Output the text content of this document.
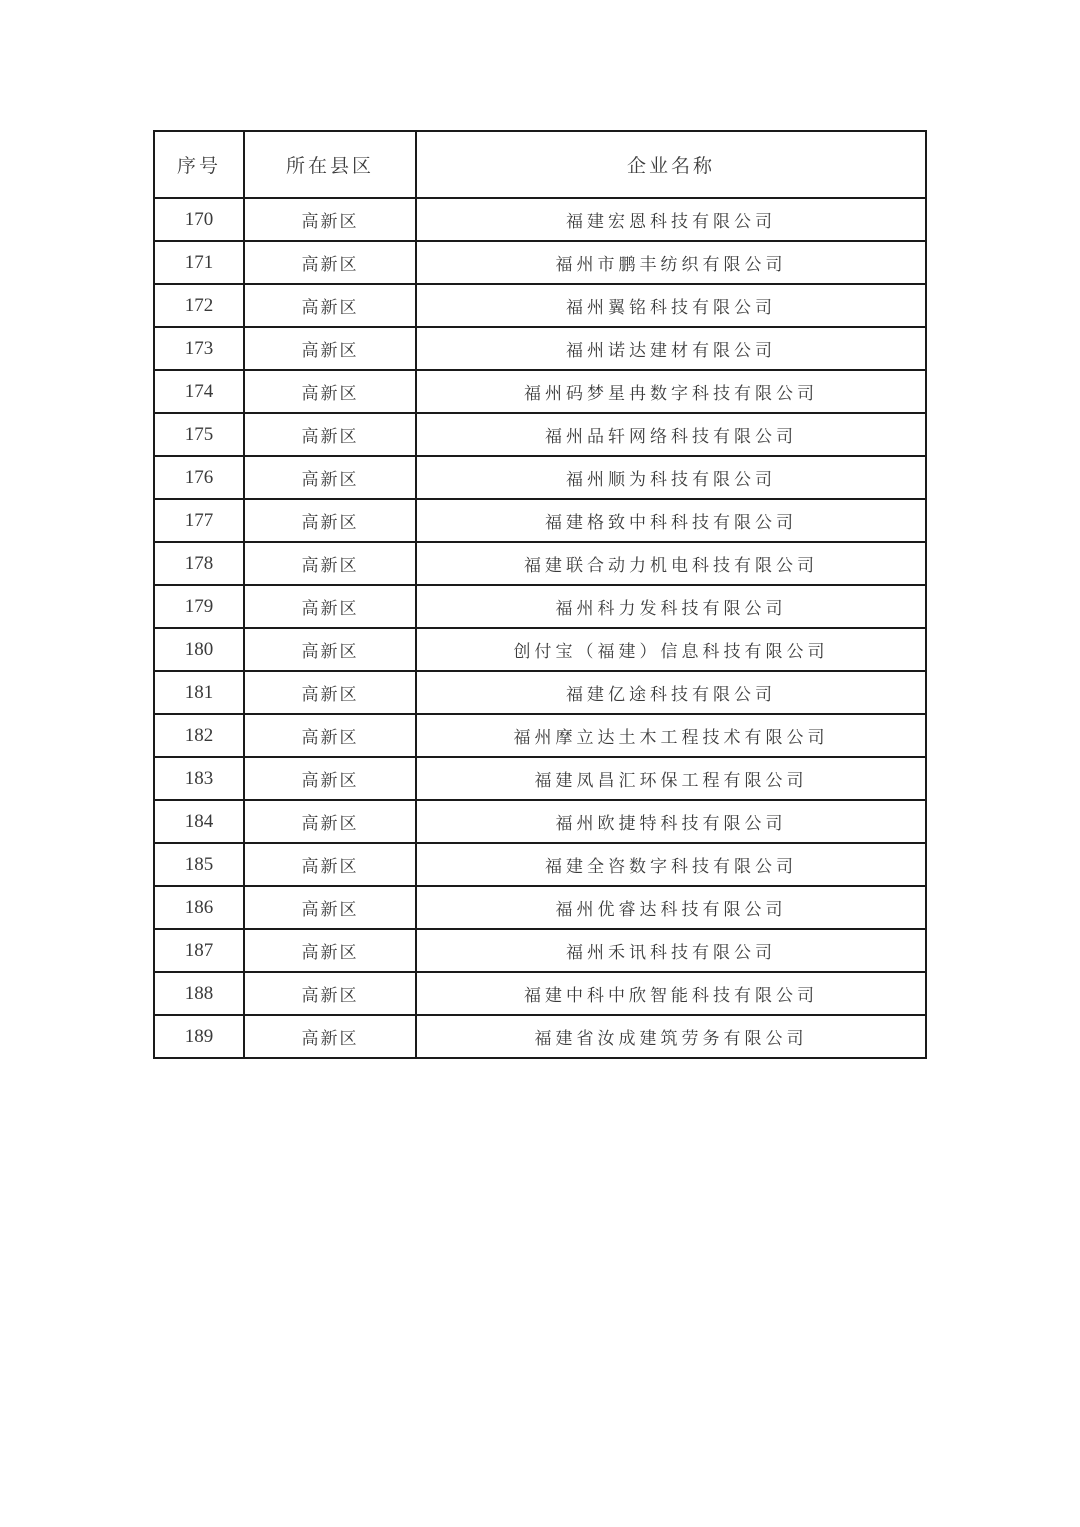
序号	所在县区	企业名称
170	高新区	福建宏恩科技有限公司
171	高新区	福州市鹏丰纺织有限公司
172	高新区	福州翼铭科技有限公司
173	高新区	福州诺达建材有限公司
174	高新区	福州码梦星冉数字科技有限公司
175	高新区	福州品轩网络科技有限公司
176	高新区	福州顺为科技有限公司
177	高新区	福建格致中科科技有限公司
178	高新区	福建联合动力机电科技有限公司
179	高新区	福州科力发科技有限公司
180	高新区	创付宝（福建）信息科技有限公司
181	高新区	福建亿途科技有限公司
182	高新区	福州摩立达土木工程技术有限公司
183	高新区	福建凤昌汇环保工程有限公司
184	高新区	福州欧捷特科技有限公司
185	高新区	福建全咨数字科技有限公司
186	高新区	福州优睿达科技有限公司
187	高新区	福州禾讯科技有限公司
188	高新区	福建中科中欣智能科技有限公司
189	高新区	福建省汝成建筑劳务有限公司
